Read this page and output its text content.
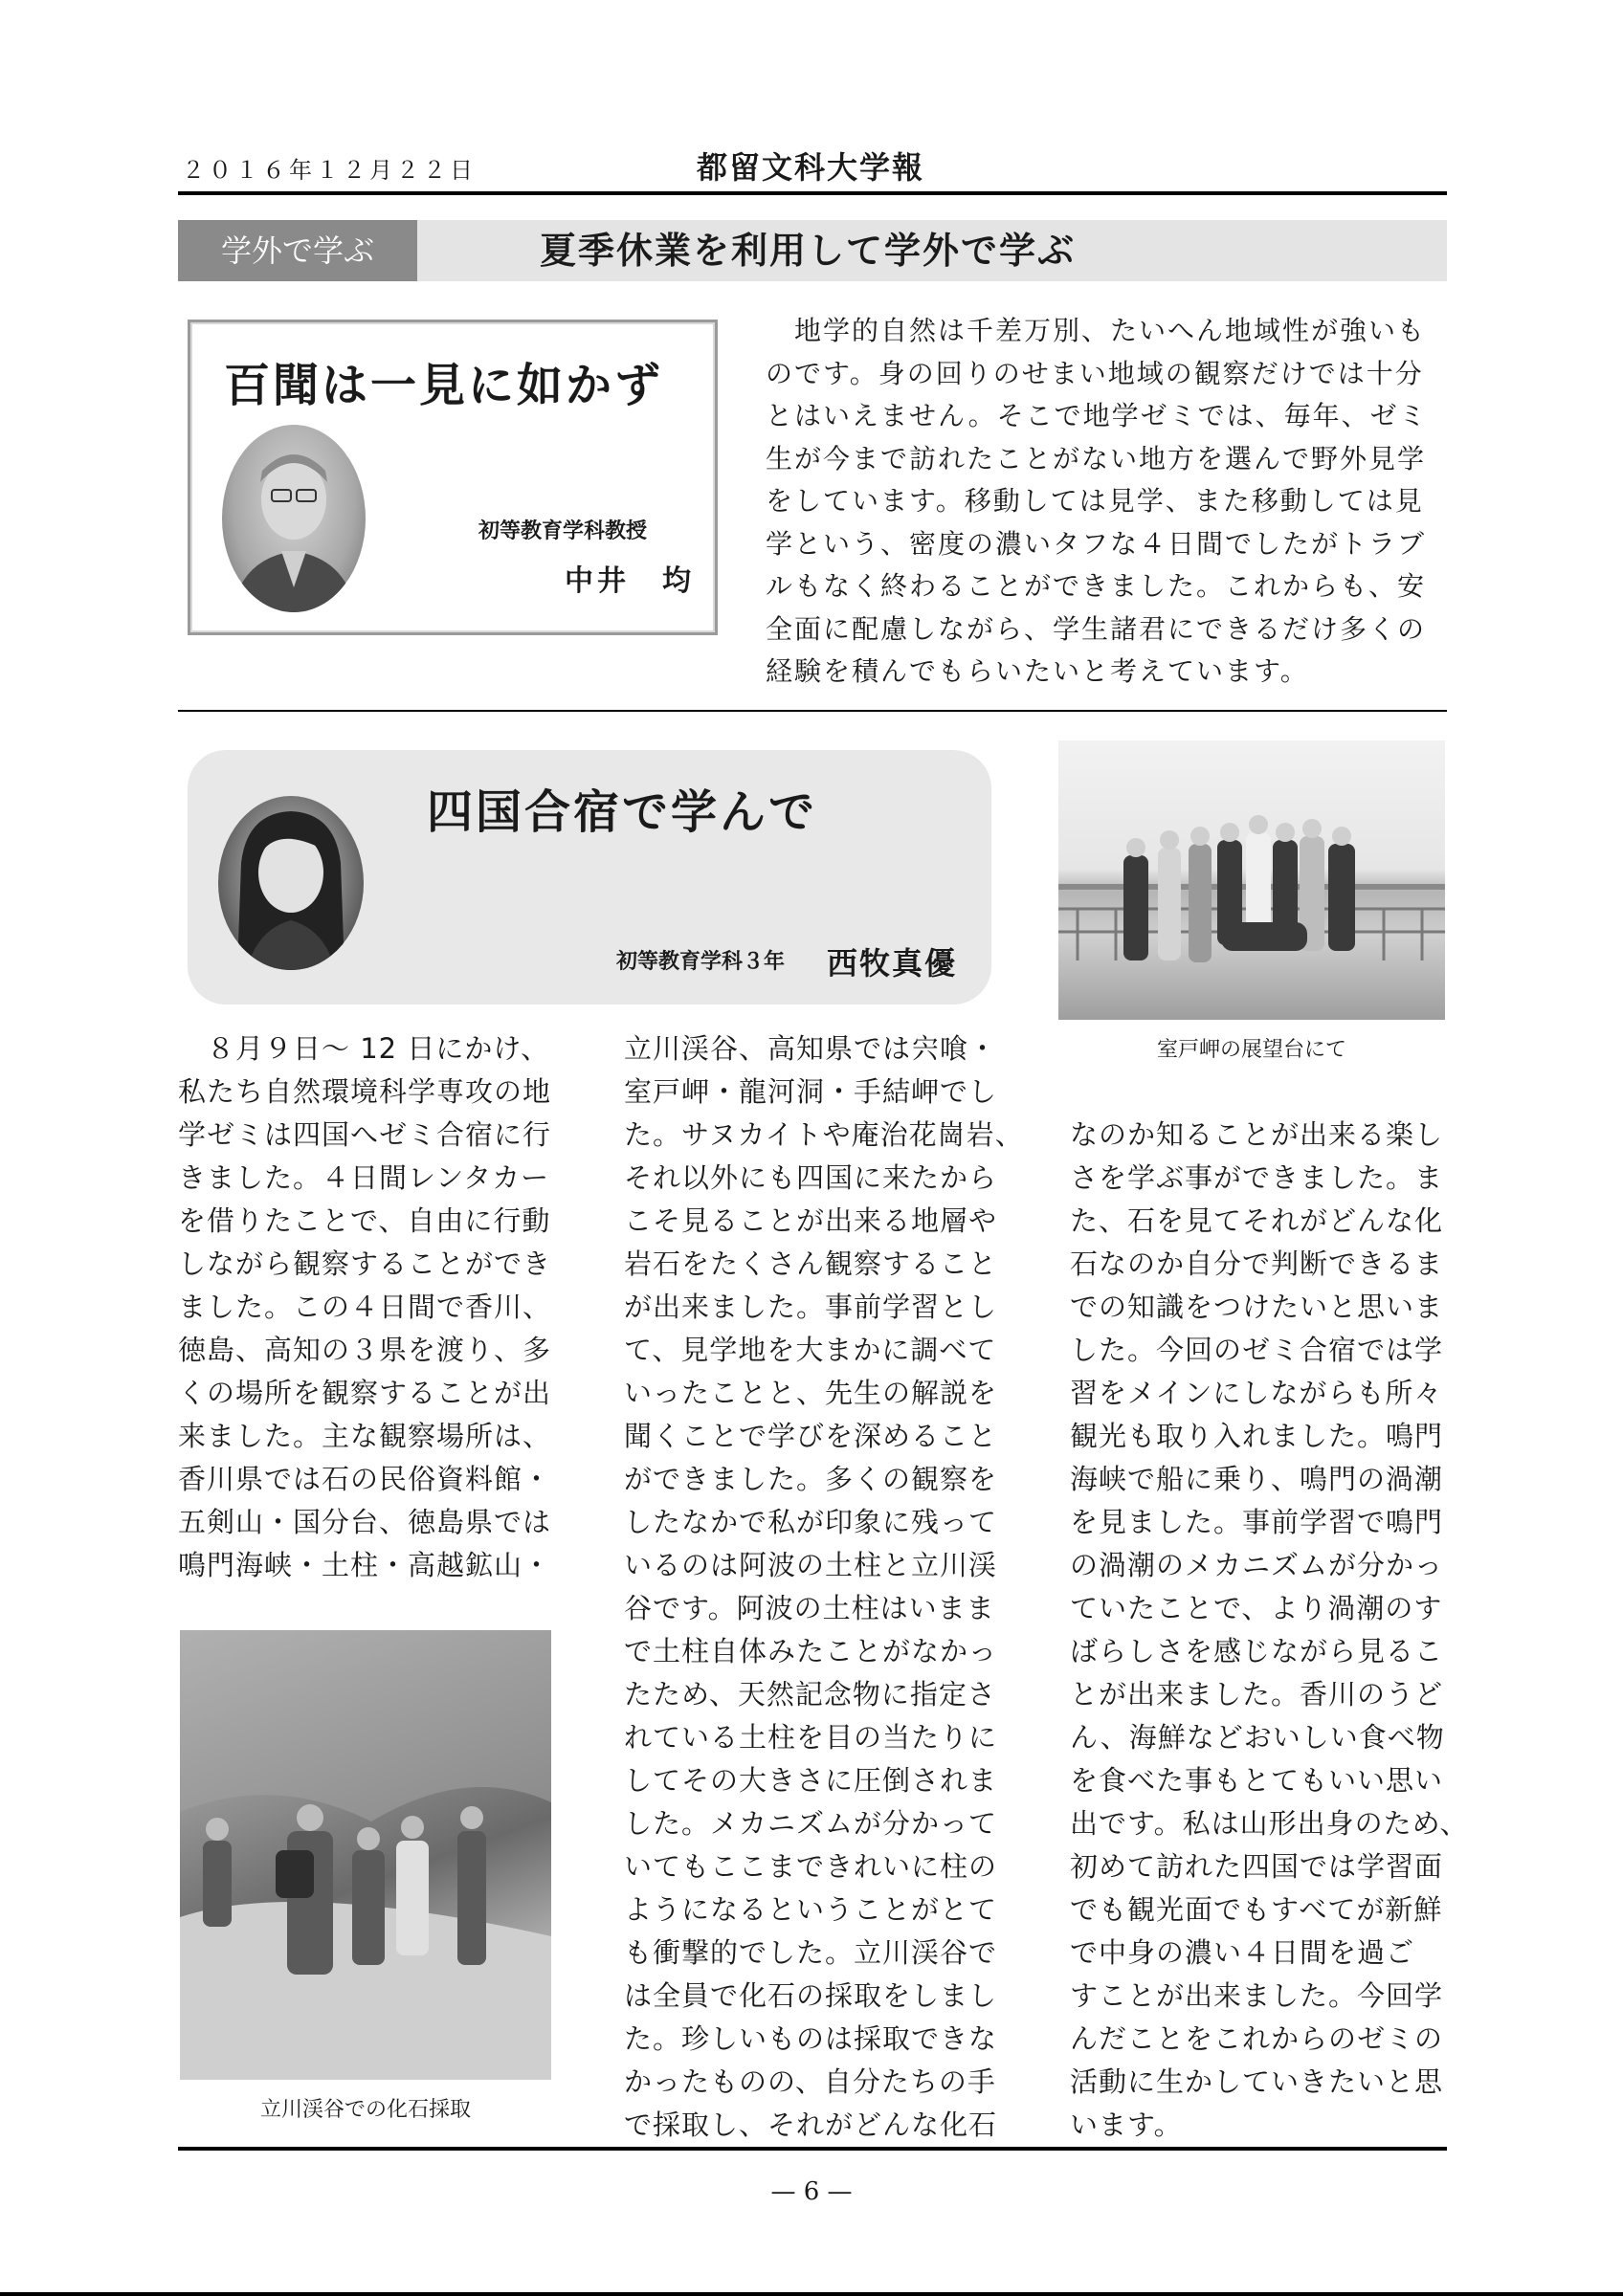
２０１６年１２月２２日	都留文科大学報
学外で学ぶ	夏季休業を利用して学外で学ぶ
百聞は一見に如かず
初等教育学科教授
中井　均
　地学的自然は千差万別、たいへん地域性が強いも
のです。身の回りのせまい地域の観察だけでは十分
とはいえません。そこで地学ゼミでは、毎年、ゼミ
生が今まで訪れたことがない地方を選んで野外見学
をしています。移動しては見学、また移動しては見
学という、密度の濃いタフな４日間でしたがトラブ
ルもなく終わることができました。これからも、安
全面に配慮しながら、学生諸君にできるだけ多くの
経験を積んでもらいたいと考えています。
四国合宿で学んで
初等教育学科３年 西牧真優
室戸岬の展望台にて
　８月９日～ 12 日にかけ、
私たち自然環境科学専攻の地
学ゼミは四国へゼミ合宿に行
きました。４日間レンタカー
を借りたことで、自由に行動
しながら観察することができ
ました。この４日間で香川、
徳島、高知の３県を渡り、多
くの場所を観察することが出
来ました。主な観察場所は、
香川県では石の民俗資料館・
五剣山・国分台、徳島県では
鳴門海峡・土柱・高越鉱山・
立川渓谷、高知県では宍喰・
室戸岬・龍河洞・手結岬でし
た。サヌカイトや庵治花崗岩、
それ以外にも四国に来たから
こそ見ることが出来る地層や
岩石をたくさん観察すること
が出来ました。事前学習とし
て、見学地を大まかに調べて
いったことと、先生の解説を
聞くことで学びを深めること
ができました。多くの観察を
したなかで私が印象に残って
いるのは阿波の土柱と立川渓
谷です。阿波の土柱はいまま
で土柱自体みたことがなかっ
たため、天然記念物に指定さ
れている土柱を目の当たりに
してその大きさに圧倒されま
した。メカニズムが分かって
いてもここまできれいに柱の
ようになるということがとて
も衝撃的でした。立川渓谷で
は全員で化石の採取をしまし
た。珍しいものは採取できな
かったものの、自分たちの手
で採取し、それがどんな化石
なのか知ることが出来る楽し
さを学ぶ事ができました。ま
た、石を見てそれがどんな化
石なのか自分で判断できるま
での知識をつけたいと思いま
した。今回のゼミ合宿では学
習をメインにしながらも所々
観光も取り入れました。鳴門
海峡で船に乗り、鳴門の渦潮
を見ました。事前学習で鳴門
の渦潮のメカニズムが分かっ
ていたことで、より渦潮のす
ばらしさを感じながら見るこ
とが出来ました。香川のうど
ん、海鮮などおいしい食べ物
を食べた事もとてもいい思い
出です。私は山形出身のため、
初めて訪れた四国では学習面
でも観光面でもすべてが新鮮
で中身の濃い４日間を過ご
すことが出来ました。今回学
んだことをこれからのゼミの
活動に生かしていきたいと思
います。
立川渓谷での化石採取
— 6 —
